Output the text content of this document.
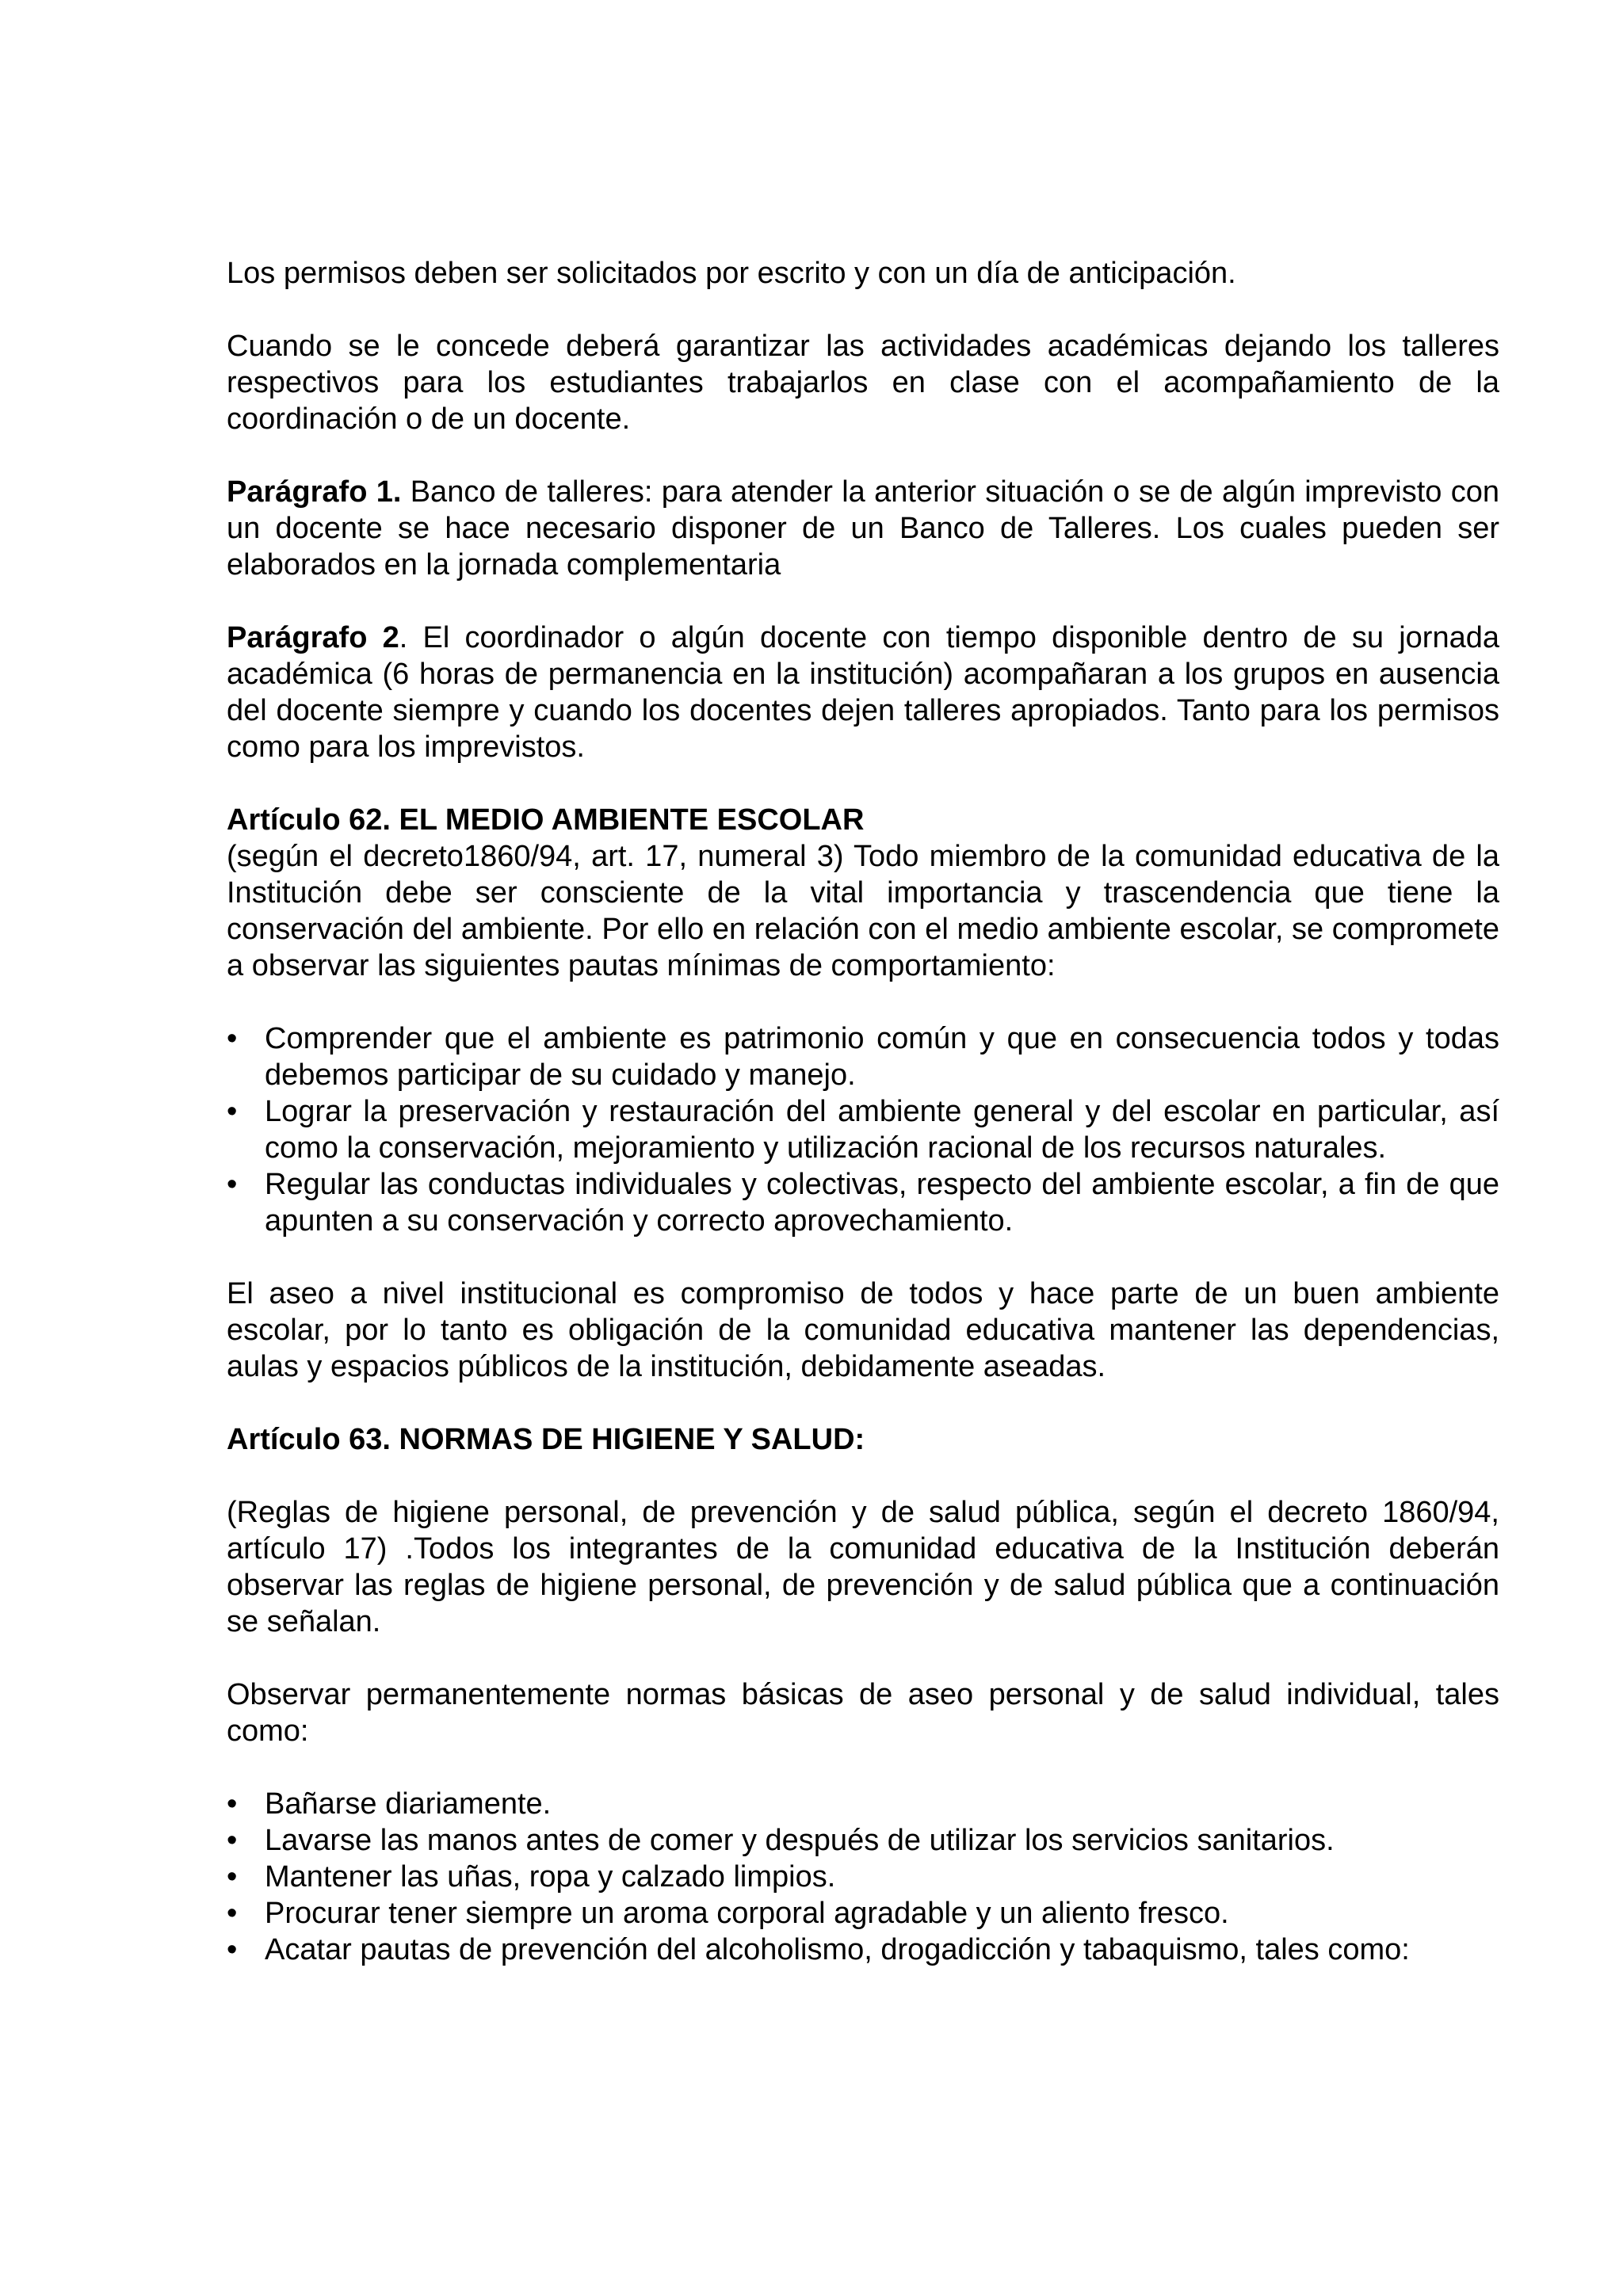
Los permisos deben ser solicitados por escrito y con un día de anticipación.

Cuando se le concede deberá garantizar las actividades académicas dejando los talleres respectivos para los estudiantes trabajarlos en clase con el acompañamiento de la coordinación o de un docente.

Parágrafo 1. Banco de talleres: para atender la anterior situación o se de algún imprevisto con un docente se hace necesario disponer de un Banco de Talleres. Los cuales pueden ser elaborados en la jornada complementaria

Parágrafo 2. El coordinador o algún docente con tiempo disponible dentro de su jornada académica (6 horas de permanencia en la institución) acompañaran a los grupos en ausencia del docente siempre y cuando los docentes dejen talleres apropiados. Tanto para los permisos como para los imprevistos.

Artículo 62. EL MEDIO AMBIENTE ESCOLAR

(según el decreto1860/94, art. 17, numeral 3) Todo miembro de la comunidad educativa de la Institución debe ser consciente de la vital importancia y trascendencia que tiene la conservación del ambiente. Por ello en relación con el medio ambiente escolar, se compromete a observar las siguientes pautas mínimas de comportamiento:

• Comprender que el ambiente es patrimonio común y que en consecuencia todos y todas debemos participar de su cuidado y manejo.
• Lograr la preservación y restauración del ambiente general y del escolar en particular, así como la conservación, mejoramiento y utilización racional de los recursos naturales.
• Regular las conductas individuales y colectivas, respecto del ambiente escolar, a fin de que apunten a su conservación y correcto aprovechamiento.

El aseo a nivel institucional es compromiso de todos y hace parte de un buen ambiente escolar, por lo tanto es obligación de la comunidad educativa mantener las dependencias, aulas y espacios públicos de la institución, debidamente aseadas.

Artículo 63. NORMAS DE HIGIENE Y SALUD:

(Reglas de higiene personal, de prevención y de salud pública, según el decreto 1860/94, artículo 17) .Todos los integrantes de la comunidad educativa de la Institución deberán observar las reglas de higiene personal, de prevención y de salud pública que a continuación se señalan.

Observar permanentemente normas básicas de aseo personal y de salud individual, tales como:

• Bañarse diariamente.
• Lavarse las manos antes de comer y después de utilizar los servicios sanitarios.
• Mantener las uñas, ropa y calzado limpios.
• Procurar tener siempre un aroma corporal agradable y un aliento fresco.
• Acatar pautas de prevención del alcoholismo, drogadicción y tabaquismo, tales como:
